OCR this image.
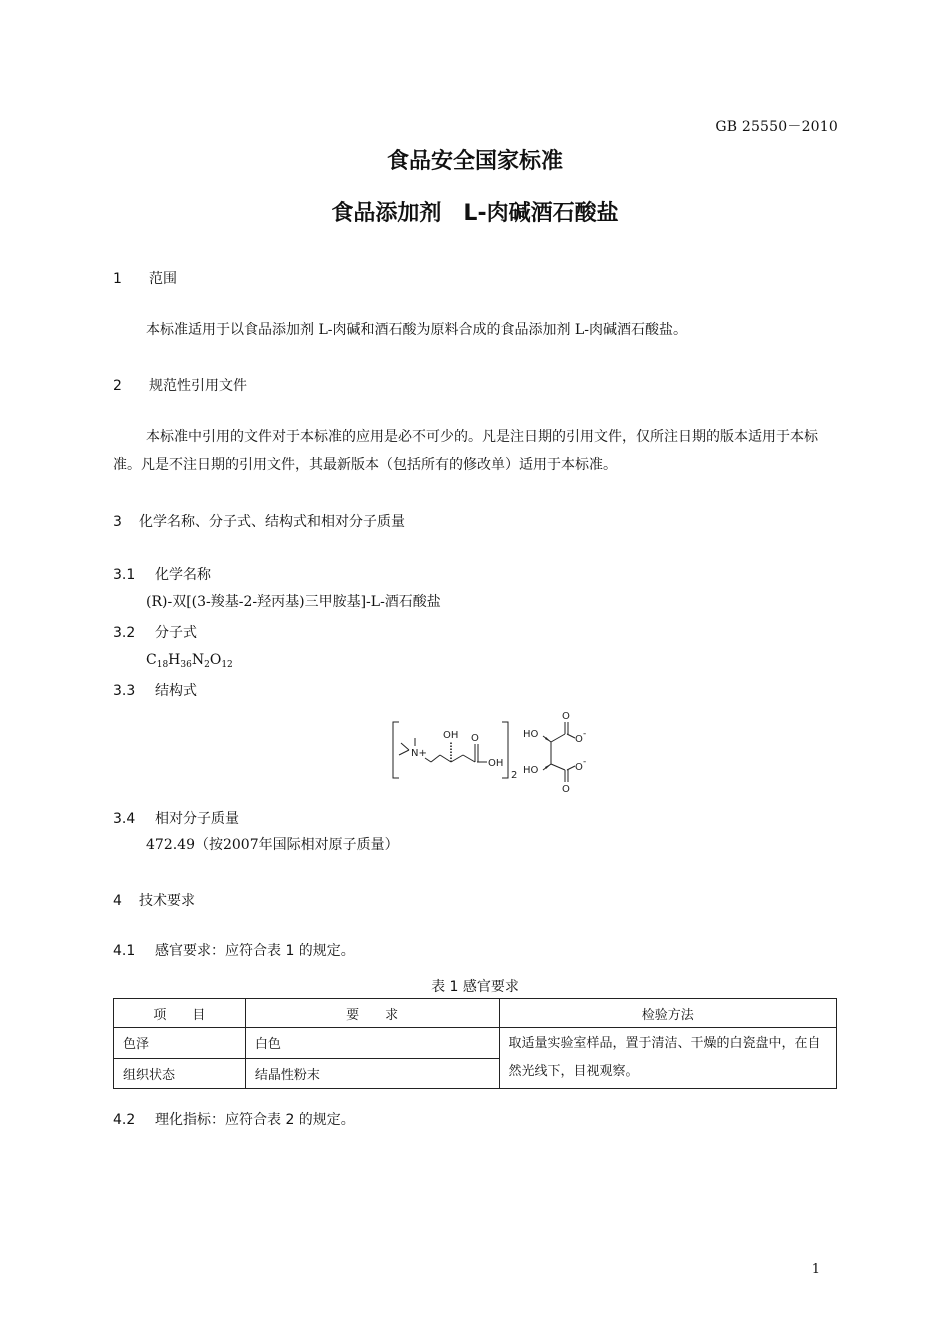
GB 25550－2010
食品安全国家标准
食品添加剂　L-肉碱酒石酸盐
1 范围
本标准适用于以食品添加剂 L-肉碱和酒石酸为原料合成的食品添加剂 L-肉碱酒石酸盐。
2 规范性引用文件
本标准中引用的文件对于本标准的应用是必不可少的。凡是注日期的引用文件，仅所注日期的版本适用于本标准。凡是不注日期的引用文件，其最新版本（包括所有的修改单）适用于本标准。
3 化学名称、分子式、结构式和相对分子质量
3.1 化学名称
(R)-双[(3-羧基-2-羟丙基)三甲胺基]-L-酒石酸盐
3.2 分子式
$C_{18}H_{36}N_2O_{12}$
3.3 结构式
N+
OH O
OH
2
HO
HO
O
O -
O
O -
3.4 相对分子质量
472.49（按2007年国际相对原子质量）
4 技术要求
4.1 感官要求：应符合表 1 的规定。
表 1 感官要求
项　　目	要　　求	检验方法
色泽	白色	取适量实验室样品，置于清洁、干燥的白瓷盘中，在自然光线下，目视观察。
组织状态	结晶性粉末	
4.2 理化指标：应符合表 2 的规定。
1
